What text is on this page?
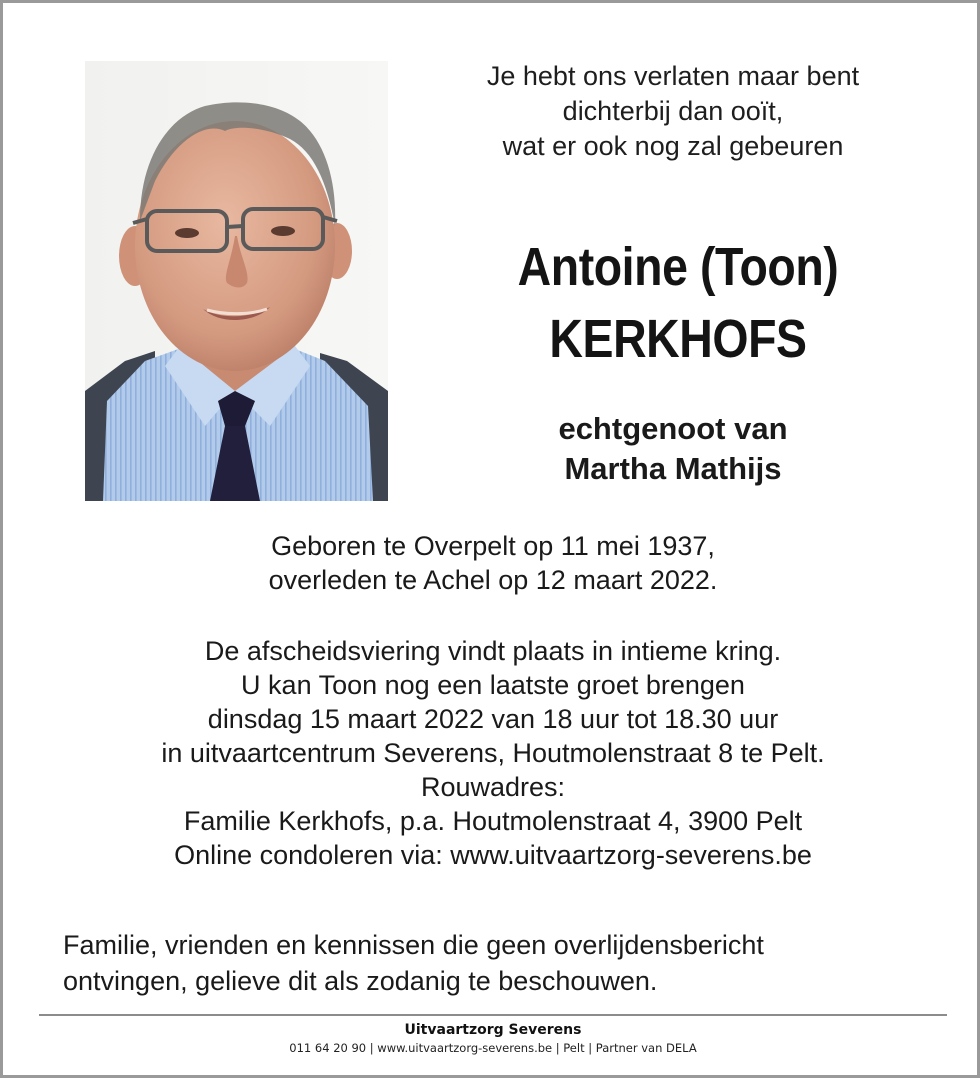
Je hebt ons verlaten maar bent
dichterbij dan ooït,
wat er ook nog zal gebeuren
Antoine (Toon)
KERKHOFS
echtgenoot van
Martha Mathijs
Geboren te Overpelt op 11 mei 1937,
overleden te Achel op 12 maart 2022.
De afscheidsviering vindt plaats in intieme kring.
U kan Toon nog een laatste groet brengen
dinsdag 15 maart 2022 van 18 uur tot 18.30 uur
in uitvaartcentrum Severens, Houtmolenstraat 8 te Pelt.
Rouwadres:
Familie Kerkhofs, p.a. Houtmolenstraat 4, 3900 Pelt
Online condoleren via: www.uitvaartzorg-severens.be
Familie, vrienden en kennissen die geen overlijdensbericht
ontvingen, gelieve dit als zodanig te beschouwen.
Uitvaartzorg Severens
011 64 20 90 | www.uitvaartzorg-severens.be | Pelt | Partner van DELA
